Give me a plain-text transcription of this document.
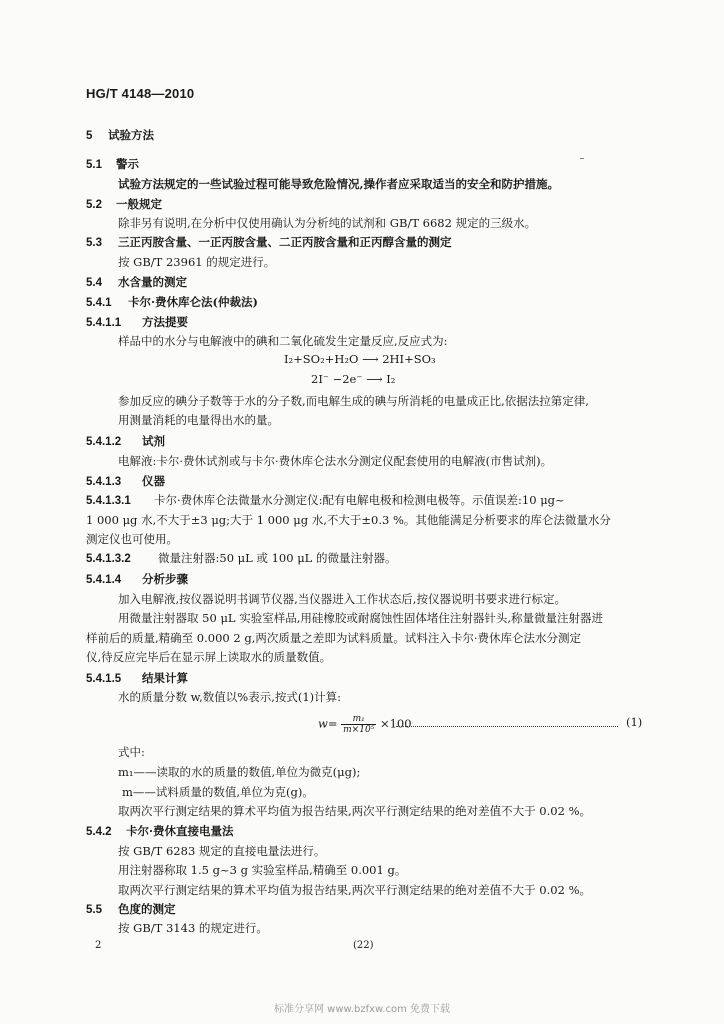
HG/T 4148—2010
5 试验方法
5.1 警示
试验方法规定的一些试验过程可能导致危险情况,操作者应采取适当的安全和防护措施。
5.2 一般规定
除非另有说明,在分析中仅使用确认为分析纯的试剂和 GB/T 6682 规定的三级水。
5.3 三正丙胺含量、一正丙胺含量、二正丙胺含量和正丙醇含量的测定
按 GB/T 23961 的规定进行。
5.4 水含量的测定
5.4.1 卡尔·费休库仑法(仲裁法)
5.4.1.1 方法提要
样品中的水分与电解液中的碘和二氧化硫发生定量反应,反应式为:
I₂+SO₂+H₂O ⟶ 2HI+SO₃
2I⁻ −2e⁻ ⟶ I₂
参加反应的碘分子数等于水的分子数,而电解生成的碘与所消耗的电量成正比,依据法拉第定律,
用测量消耗的电量得出水的量。
5.4.1.2 试剂
电解液:卡尔·费休试剂或与卡尔·费休库仑法水分测定仪配套使用的电解液(市售试剂)。
5.4.1.3 仪器
5.4.1.3.1 卡尔·费休库仑法微量水分测定仪:配有电解电极和检测电极等。示值误差:10 μg~
1 000 μg 水,不大于±3 μg;大于 1 000 μg 水,不大于±0.3 %。其他能满足分析要求的库仑法微量水分
测定仪也可使用。
5.4.1.3.2 微量注射器:50 μL 或 100 μL 的微量注射器。
5.4.1.4 分析步骤
加入电解液,按仪器说明书调节仪器,当仪器进入工作状态后,按仪器说明书要求进行标定。
用微量注射器取 50 μL 实验室样品,用硅橡胶或耐腐蚀性固体堵住注射器针头,称量微量注射器进
样前后的质量,精确至 0.000 2 g,两次质量之差即为试料质量。试料注入卡尔·费休库仑法水分测定
仪,待反应完毕后在显示屏上读取水的质量数值。
5.4.1.5 结果计算
水的质量分数 w,数值以%表示,按式(1)计算:
$w= \frac{\text{m₁}}{\text{m×10⁵}} \times 100$	(1)
式中:
m₁——读取的水的质量的数值,单位为微克(μg);
m——试料质量的数值,单位为克(g)。
取两次平行测定结果的算术平均值为报告结果,两次平行测定结果的绝对差值不大于 0.02 %。
5.4.2 卡尔·费休直接电量法
按 GB/T 6283 规定的直接电量法进行。
用注射器称取 1.5 g~3 g 实验室样品,精确至 0.001 g。
取两次平行测定结果的算术平均值为报告结果,两次平行测定结果的绝对差值不大于 0.02 %。
5.5 色度的测定
按 GB/T 3143 的规定进行。
2	(22)
标准分享网 www.bzfxw.com 免费下载
